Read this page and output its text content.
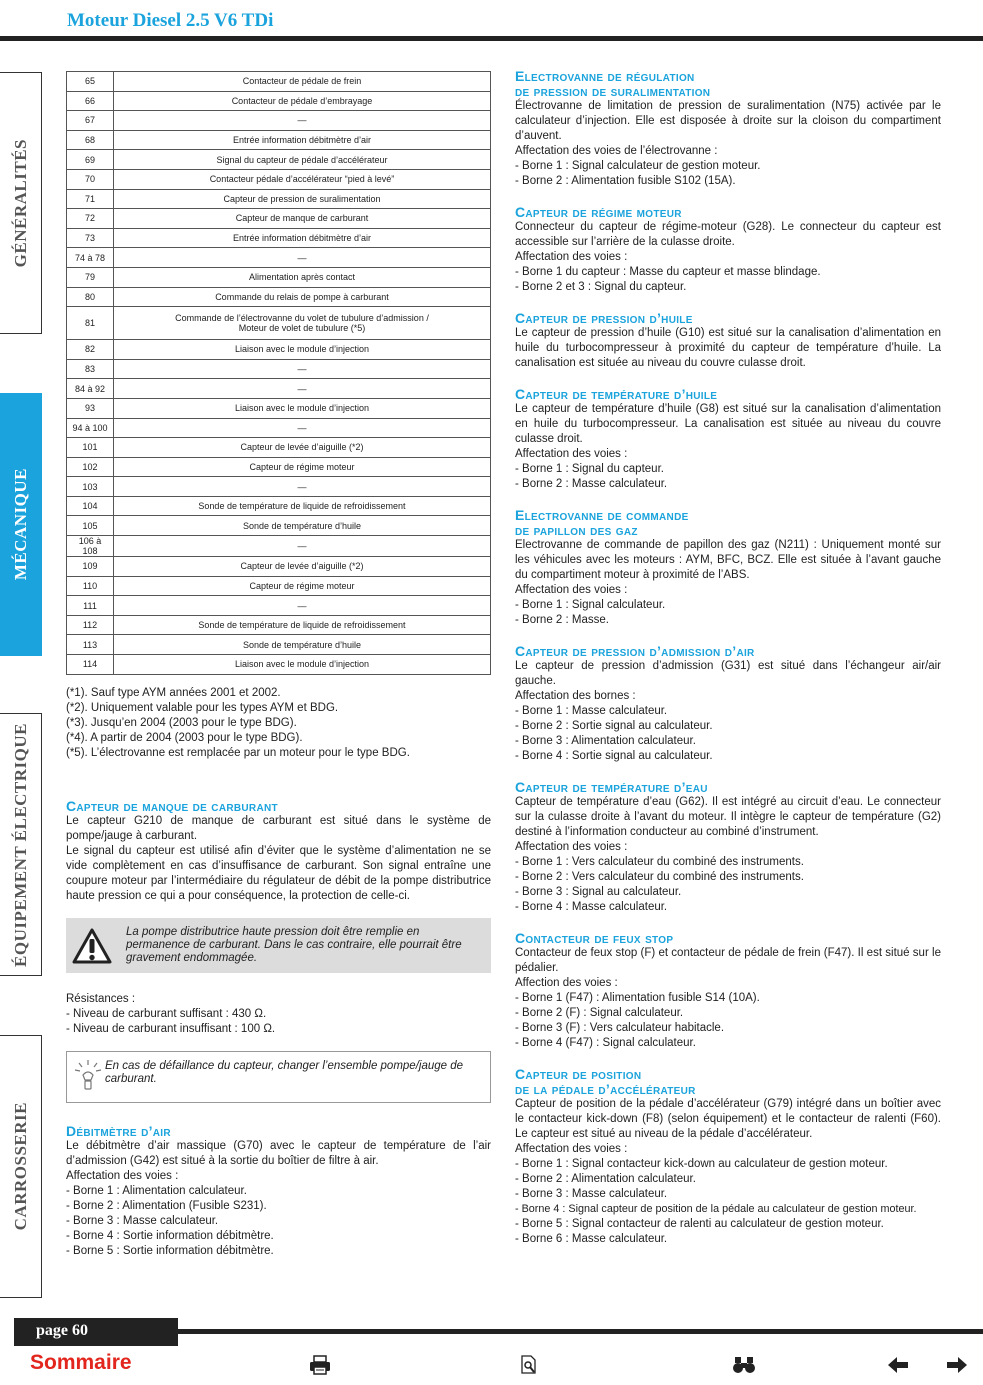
Moteur Diesel 2.5 V6 TDi
GÉNÉRALITÉS
MÉCANIQUE
ÉQUIPEMENT ÉLECTRIQUE
CARROSSERIE
65	Contacteur de pédale de frein
66	Contacteur de pédale d’embrayage
67	—
68	Entrée information débitmètre d’air
69	Signal du capteur de pédale d’accélérateur
70	Contacteur pédale d’accélérateur “pied à levé”
71	Capteur de pression de suralimentation
72	Capteur de manque de carburant
73	Entrée information débitmètre d’air
74 à 78	—
79	Alimentation après contact
80	Commande du relais de pompe à carburant
81	Commande de l’électrovanne du volet de tubulure d’admission /
Moteur de volet de tubulure (*5)

82	Liaison avec le module d’injection
83	—
84 à 92	—
93	Liaison avec le module d’injection
94 à 100	—
101	Capteur de levée d’aiguille (*2)
102	Capteur de régime moteur
103	—
104	Sonde de température de liquide de refroidissement
105	Sonde de température d’huile
106 à 108	—
109	Capteur de levée d’aiguille (*2)
110	Capteur de régime moteur
111	—
112	Sonde de température de liquide de refroidissement
113	Sonde de température d’huile
114	Liaison avec le module d’injection
(*1). Sauf type AYM années 2001 et 2002.
(*2). Uniquement valable pour les types AYM et BDG.
(*3). Jusqu’en 2004 (2003 pour le type BDG).
(*4). A partir de 2004 (2003 pour le type BDG).
(*5). L’électrovanne est remplacée par un moteur pour le type BDG.
Capteur de manque de carburant
Le capteur G210 de manque de carburant est situé dans le système de pompe/jauge à carburant.
Le signal du capteur est utilisé afin d’éviter que le système d’alimentation ne se vide complètement en cas d’insuffisance de carburant. Son signal entraîne une coupure moteur par l’intermédiaire du régulateur de débit de la pompe distributrice haute pression ce qui a pour conséquence, la protection de celle-ci.
La pompe distributrice haute pression doit être remplie en permanence de carburant. Dans le cas contraire, elle pourrait être gravement endommagée.
Résistances :
- Niveau de carburant suffisant : 430 Ω.
- Niveau de carburant insuffisant : 100 Ω.
En cas de défaillance du capteur, changer l’ensemble pompe/jauge de carburant.
Débitmètre d’air
Le débitmètre d’air massique (G70) avec le capteur de température de l’air d’admission (G42) est situé à la sortie du boîtier de filtre à air.
Affectation des voies :
- Borne 1 : Alimentation calculateur.
- Borne 2 : Alimentation (Fusible S231).
- Borne 3 : Masse calculateur.
- Borne 4 : Sortie information débitmètre.
- Borne 5 : Sortie information débitmètre.
Electrovanne de régulation
de pression de suralimentation
Électrovanne de limitation de pression de suralimentation (N75) activée par le calculateur d’injection. Elle est disposée à droite sur la cloison du compartiment d’auvent.
Affectation des voies de l’électrovanne :
- Borne 1 : Signal calculateur de gestion moteur.
- Borne 2 : Alimentation fusible S102 (15A).
Capteur de régime moteur
Connecteur du capteur de régime-moteur (G28). Le connecteur du capteur est accessible sur l’arrière de la culasse droite.
Affectation des voies :
- Borne 1 du capteur : Masse du capteur et masse blindage.
- Borne 2 et 3 : Signal du capteur.
Capteur de pression d’huile
Le capteur de pression d’huile (G10) est situé sur la canalisation d’alimentation en huile du turbocompresseur à proximité du capteur de température d’huile. La canalisation est située au niveau du couvre culasse droit.
Capteur de température d’huile
Le capteur de température d’huile (G8) est situé sur la canalisation d’alimentation en huile du turbocompresseur. La canalisation est située au niveau du couvre culasse droit.
Affectation des voies :
- Borne 1 : Signal du capteur.
- Borne 2 : Masse calculateur.
Electrovanne de commande
de papillon des gaz
Electrovanne de commande de papillon des gaz (N211) : Uniquement monté sur les véhicules avec les moteurs : AYM, BFC, BCZ. Elle est située à l’avant gauche du compartiment moteur à proximité de l’ABS.
Affectation des voies :
- Borne 1 : Signal calculateur.
- Borne 2 : Masse.
Capteur de pression d’admission d’air
Le capteur de pression d’admission (G31) est situé dans l’échangeur air/air gauche.
Affectation des bornes :
- Borne 1 : Masse calculateur.
- Borne 2 : Sortie signal au calculateur.
- Borne 3 : Alimentation calculateur.
- Borne 4 : Sortie signal au calculateur.
Capteur de température d’eau
Capteur de température d’eau (G62). Il est intégré au circuit d’eau. Le connecteur sur la culasse droite à l’avant du moteur. Il intègre le capteur de température (G2) destiné à l’information conducteur au combiné d’instrument.
Affectation des voies :
- Borne 1 : Vers calculateur du combiné des instruments.
- Borne 2 : Vers calculateur du combiné des instruments.
- Borne 3 : Signal au calculateur.
- Borne 4 : Masse calculateur.
Contacteur de feux stop
Contacteur de feux stop (F) et contacteur de pédale de frein (F47). Il est situé sur le pédalier.
Affection des voies :
- Borne 1 (F47) : Alimentation fusible S14 (10A).
- Borne 2 (F) : Signal calculateur.
- Borne 3 (F) : Vers calculateur habitacle.
- Borne 4 (F47) : Signal calculateur.
Capteur de position
de la pédale d’accélérateur
Capteur de position de la pédale d’accélérateur (G79) intégré dans un boîtier avec le contacteur kick-down (F8) (selon équipement) et le contacteur de ralenti (F60). Le capteur est situé au niveau de la pédale d’accélérateur.
Affectation des voies :
- Borne 1 : Signal contacteur kick-down au calculateur de gestion moteur.
- Borne 2 : Alimentation calculateur.
- Borne 3 : Masse calculateur.
- Borne 4 : Signal capteur de position de la pédale au calculateur de gestion moteur.
- Borne 5 : Signal contacteur de ralenti au calculateur de gestion moteur.
- Borne 6 : Masse calculateur.
page 60
Sommaire
